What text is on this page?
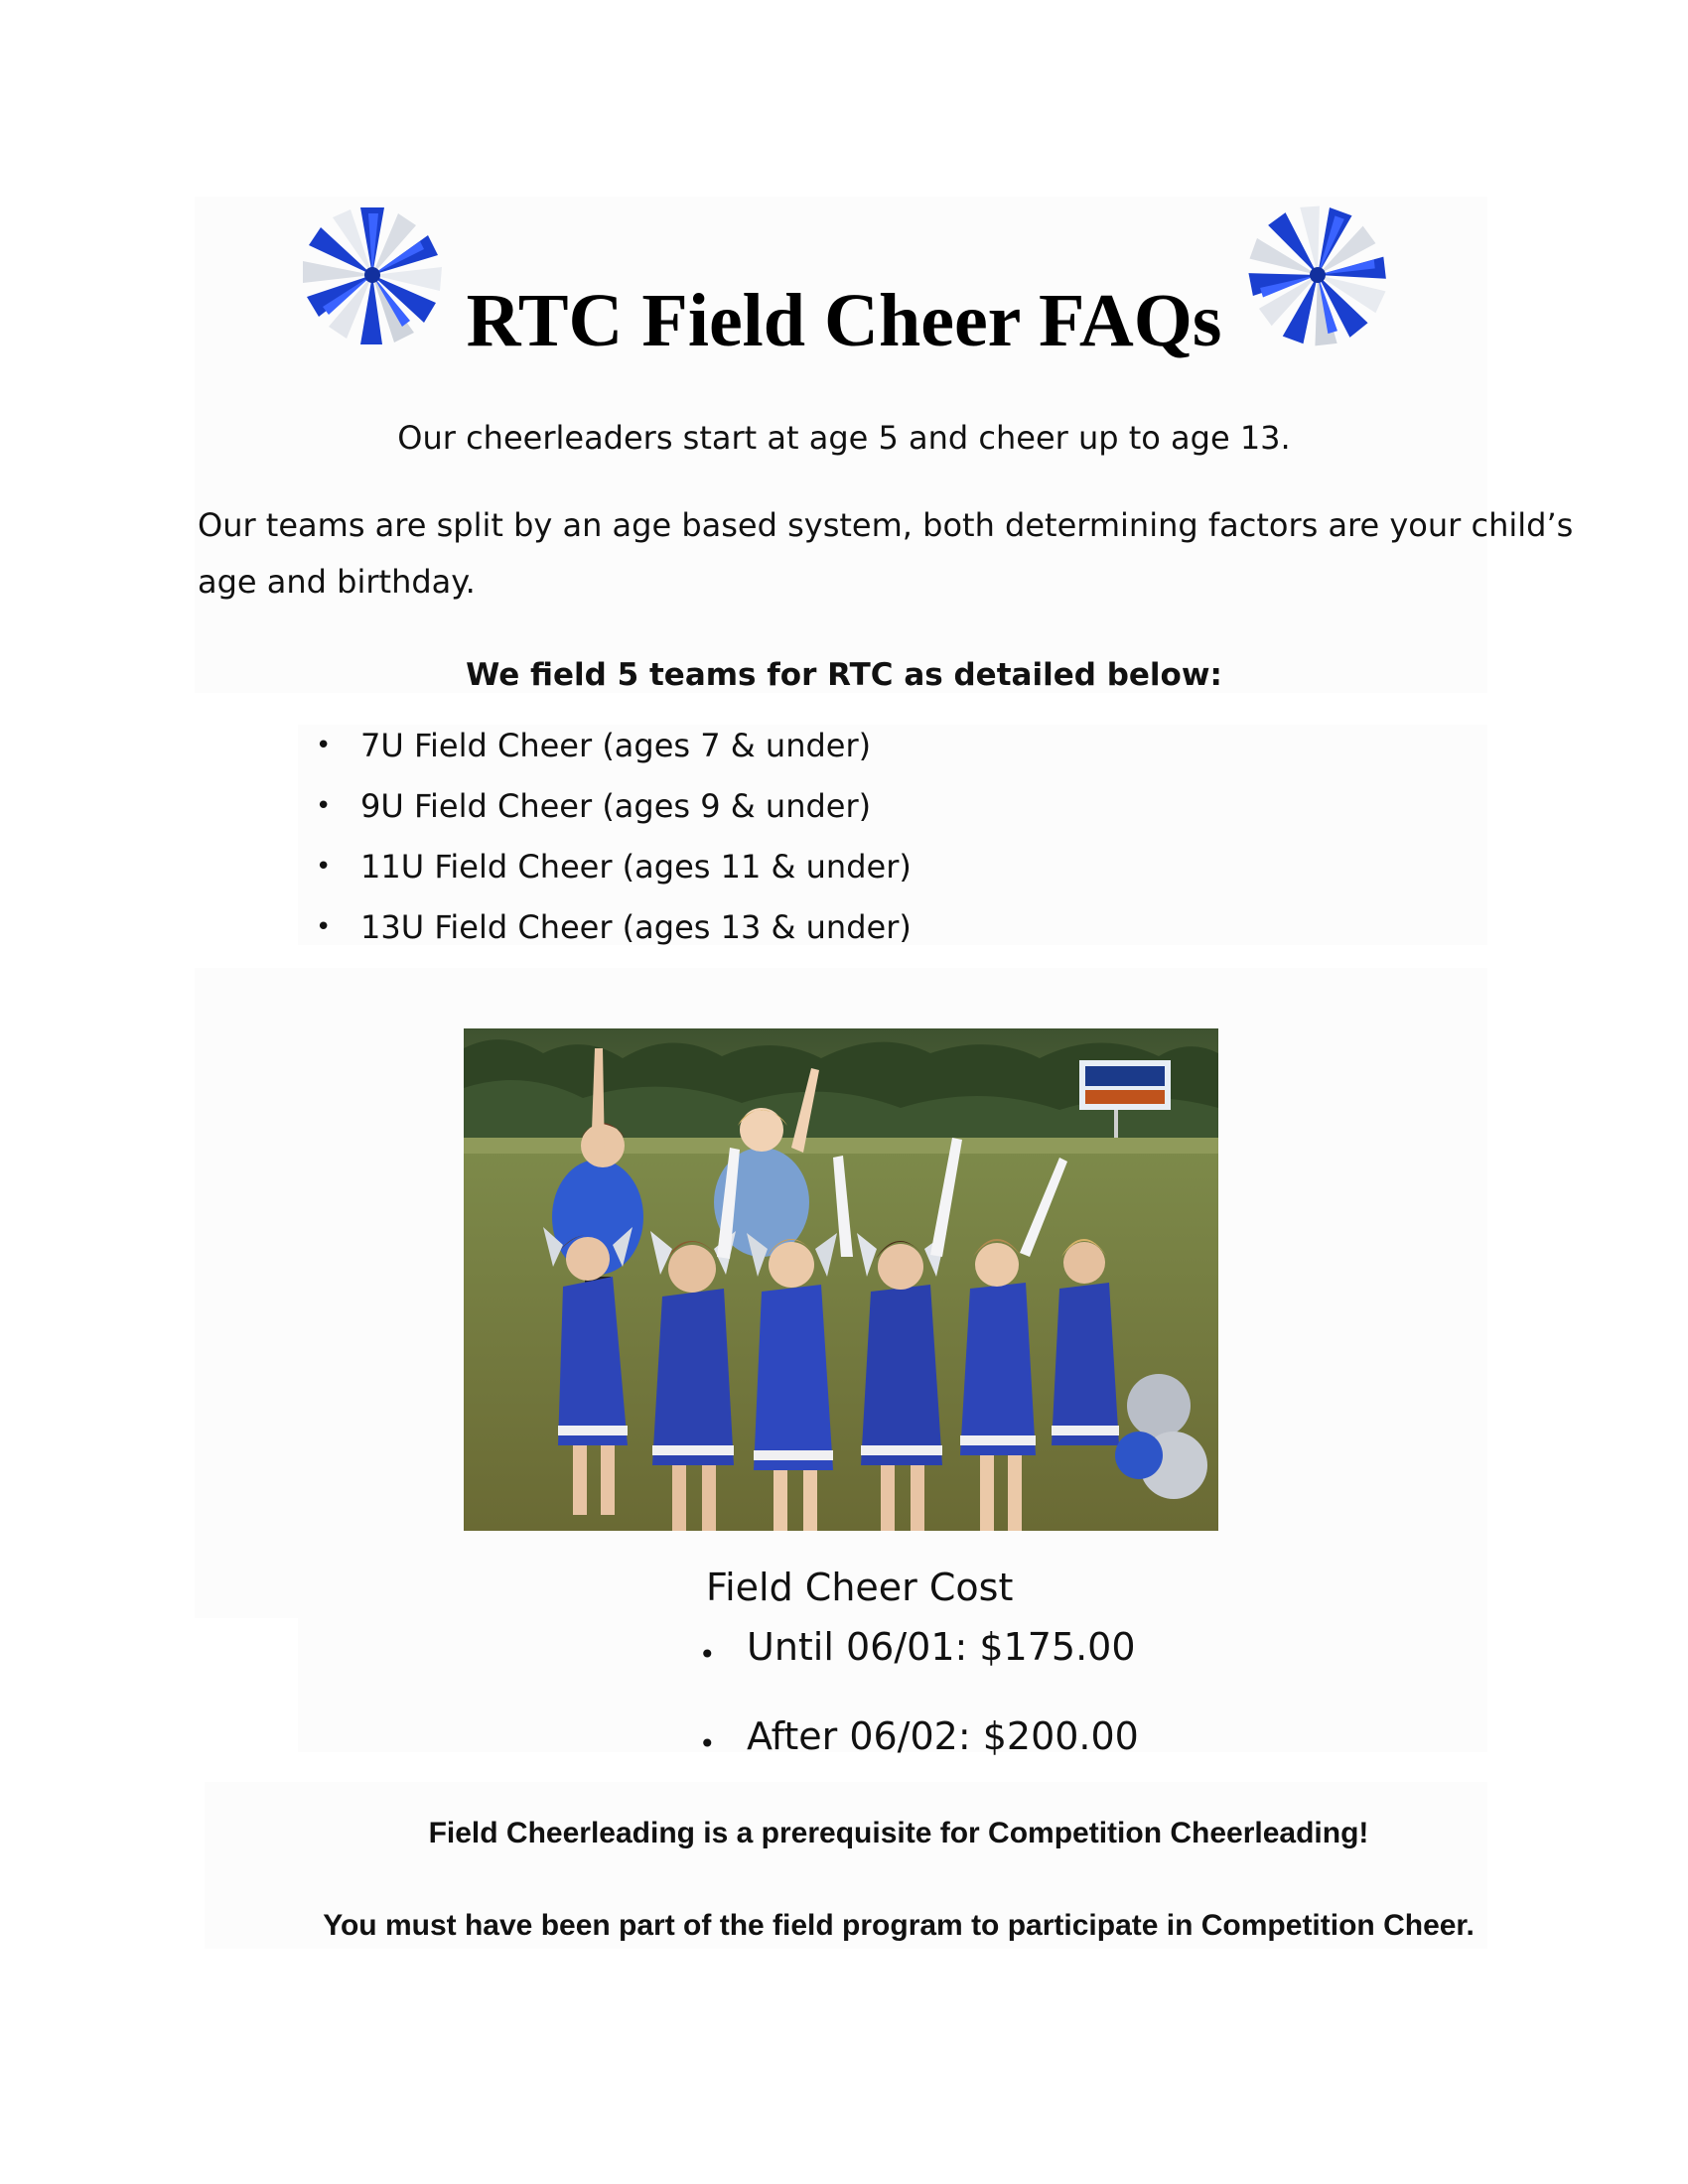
RTC Field Cheer FAQs
Our cheerleaders start at age 5 and cheer up to age 13.
Our teams are split by an age based system, both determining factors are your child’s
age and birthday.
We field 5 teams for RTC as detailed below:
• 7U Field Cheer (ages 7 & under)
• 9U Field Cheer (ages 9 & under)
• 11U Field Cheer (ages 11 & under)
• 13U Field Cheer (ages 13 & under)
Field Cheer Cost
• Until 06/01: $175.00
• After 06/02: $200.00
Field Cheerleading is a prerequisite for Competition Cheerleading!
You must have been part of the field program to participate in Competition Cheer.
